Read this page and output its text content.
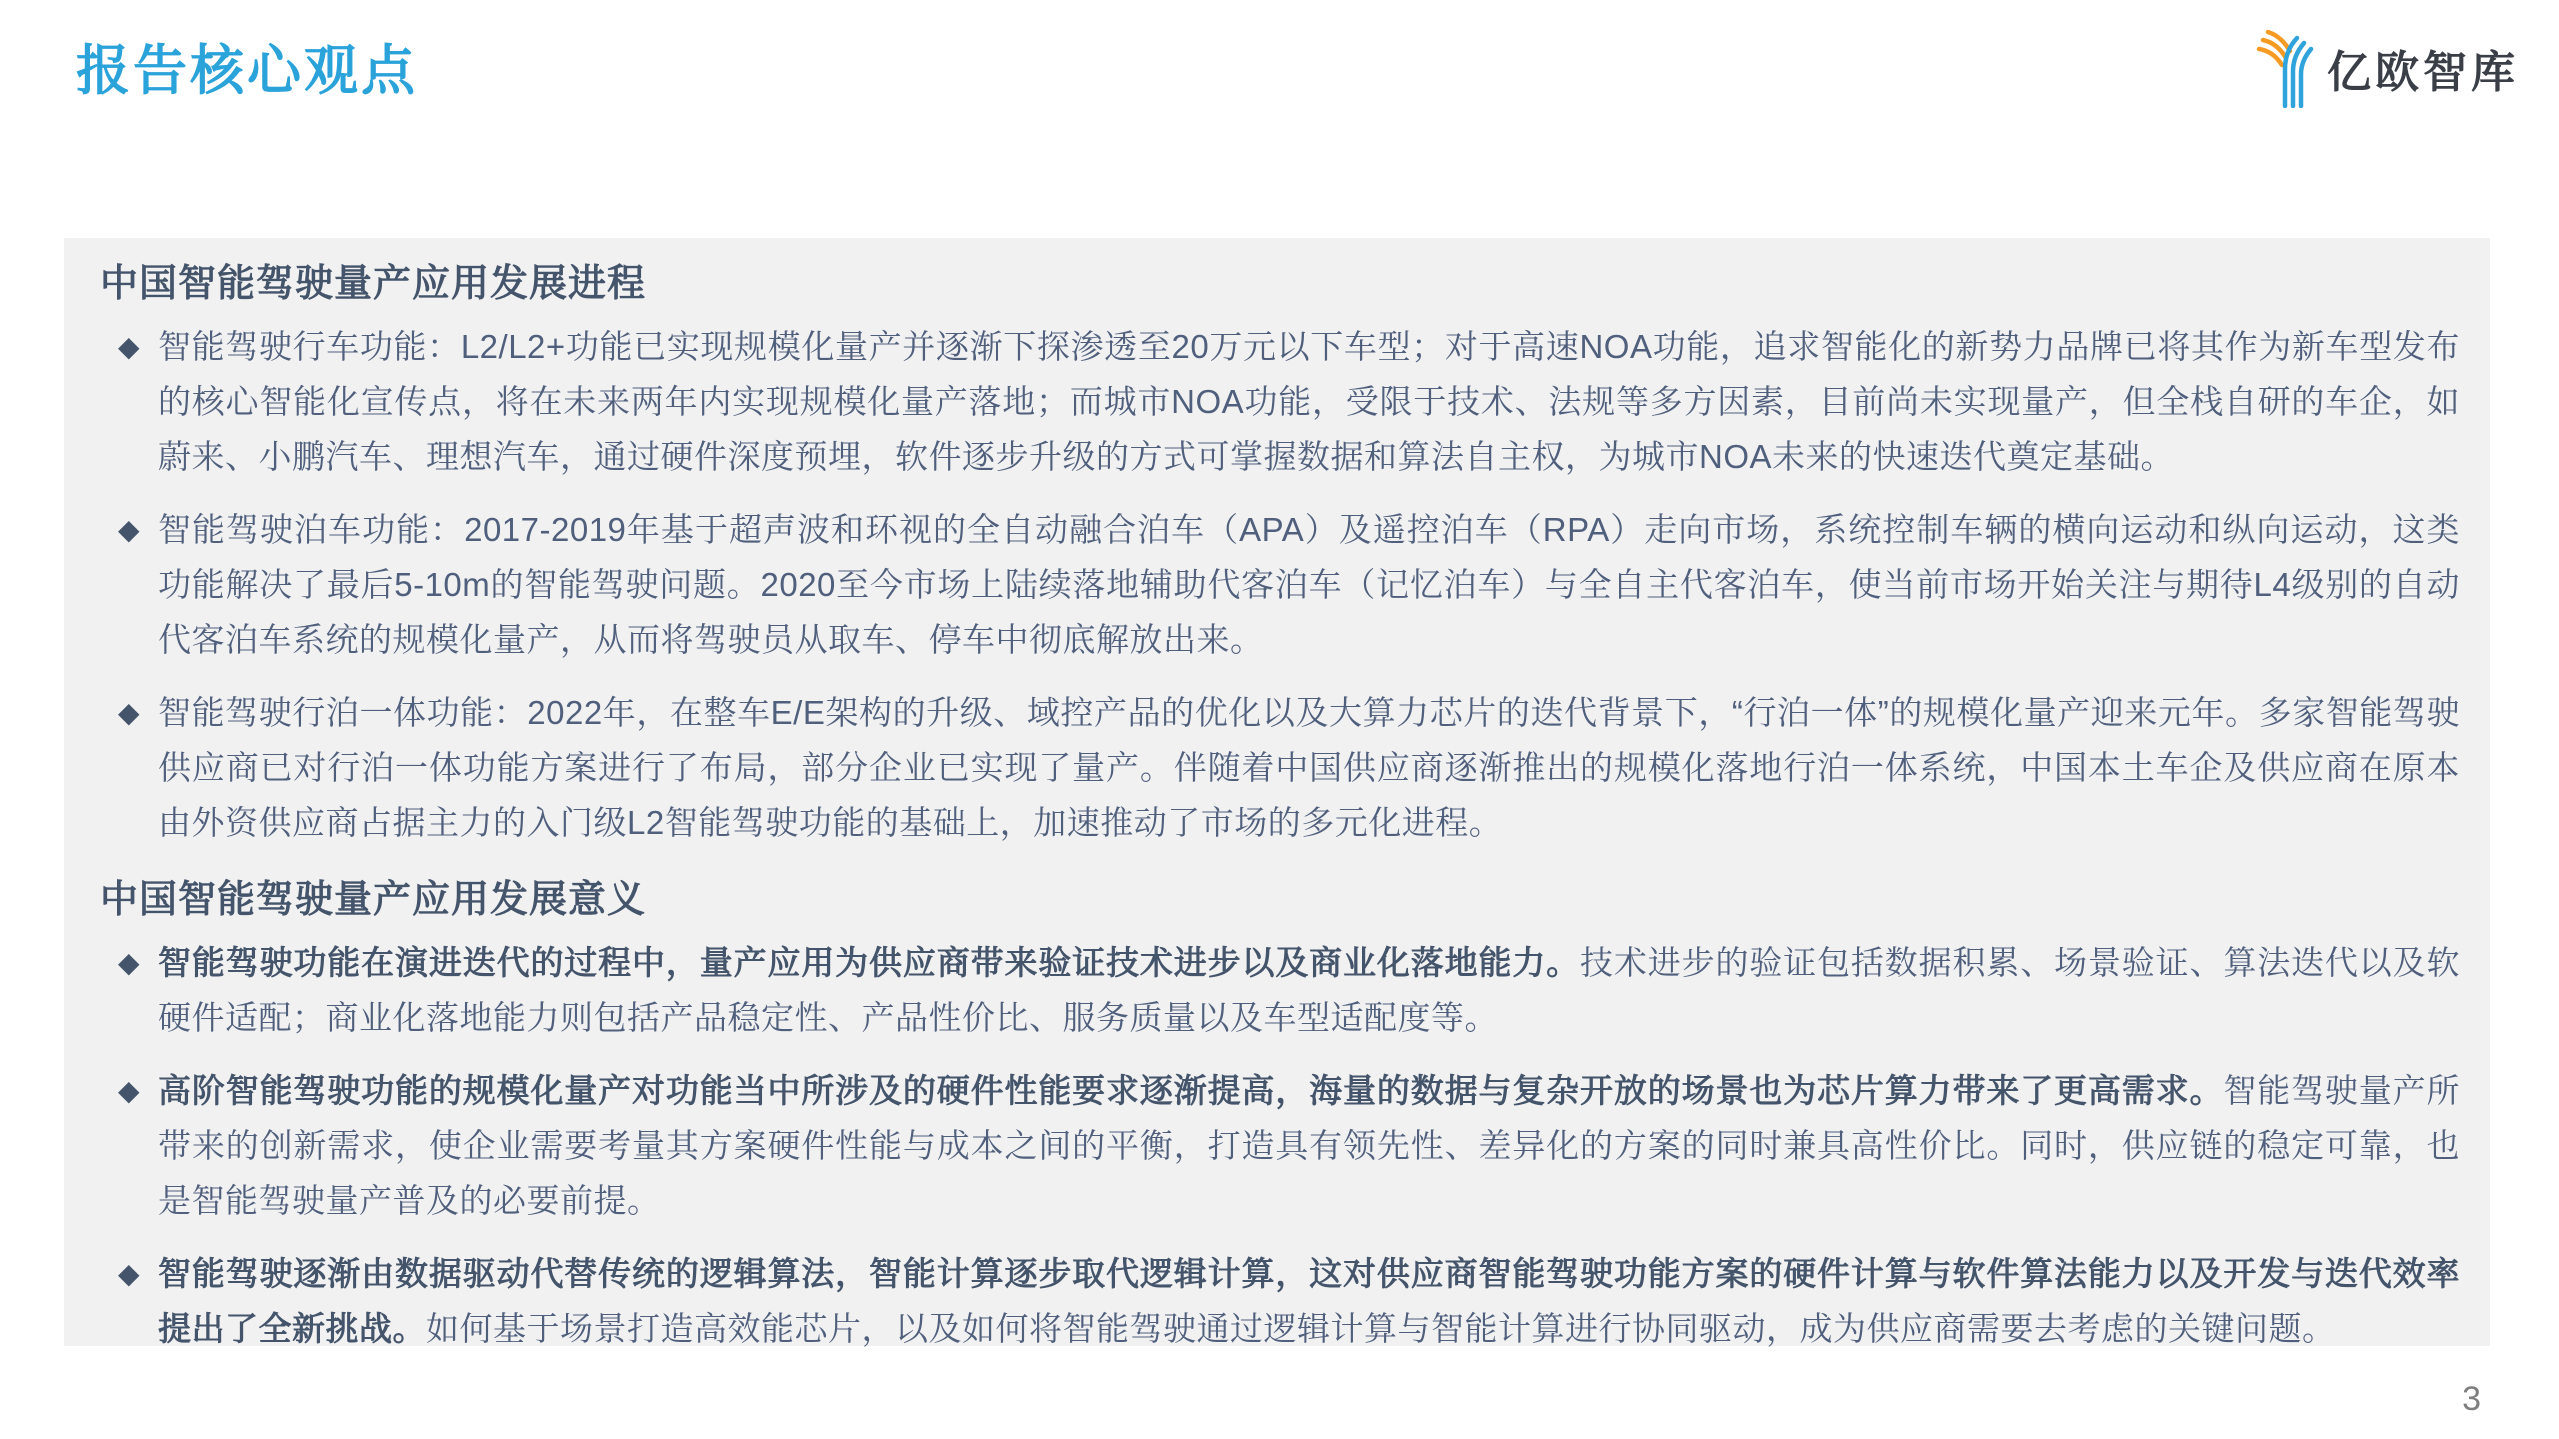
报告核心观点	亿欧智库
中国智能驾驶量产应用发展进程
◆ 智能驾驶行车功能：L2/L2+功能已实现规模化量产并逐渐下探渗透至20万元以下车型；对于高速NOA功能，追求智能化的新势力品牌已将其作为新车型发布的核心智能化宣传点，将在未来两年内实现规模化量产落地；而城市NOA功能，受限于技术、法规等多方因素，目前尚未实现量产，但全栈自研的车企，如蔚来、小鹏汽车、理想汽车，通过硬件深度预埋，软件逐步升级的方式可掌握数据和算法自主权，为城市NOA未来的快速迭代奠定基础。

◆ 智能驾驶泊车功能：2017-2019年基于超声波和环视的全自动融合泊车（APA）及遥控泊车（RPA）走向市场，系统控制车辆的横向运动和纵向运动，这类功能解决了最后5-10m的智能驾驶问题。2020至今市场上陆续落地辅助代客泊车（记忆泊车）与全自主代客泊车，使当前市场开始关注与期待L4级别的自动代客泊车系统的规模化量产，从而将驾驶员从取车、停车中彻底解放出来。

◆ 智能驾驶行泊一体功能：2022年，在整车E/E架构的升级、域控产品的优化以及大算力芯片的迭代背景下，“行泊一体”的规模化量产迎来元年。多家智能驾驶供应商已对行泊一体功能方案进行了布局，部分企业已实现了量产。伴随着中国供应商逐渐推出的规模化落地行泊一体系统，中国本土车企及供应商在原本由外资供应商占据主力的入门级L2智能驾驶功能的基础上，加速推动了市场的多元化进程。

中国智能驾驶量产应用发展意义
◆ 智能驾驶功能在演进迭代的过程中，量产应用为供应商带来验证技术进步以及商业化落地能力。技术进步的验证包括数据积累、场景验证、算法迭代以及软硬件适配；商业化落地能力则包括产品稳定性、产品性价比、服务质量以及车型适配度等。

◆ 高阶智能驾驶功能的规模化量产对功能当中所涉及的硬件性能要求逐渐提高，海量的数据与复杂开放的场景也为芯片算力带来了更高需求。智能驾驶量产所带来的创新需求，使企业需要考量其方案硬件性能与成本之间的平衡，打造具有领先性、差异化的方案的同时兼具高性价比。同时，供应链的稳定可靠，也是智能驾驶量产普及的必要前提。

◆ 智能驾驶逐渐由数据驱动代替传统的逻辑算法，智能计算逐步取代逻辑计算，这对供应商智能驾驶功能方案的硬件计算与软件算法能力以及开发与迭代效率提出了全新挑战。如何基于场景打造高效能芯片，以及如何将智能驾驶通过逻辑计算与智能计算进行协同驱动，成为供应商需要去考虑的关键问题。

3
